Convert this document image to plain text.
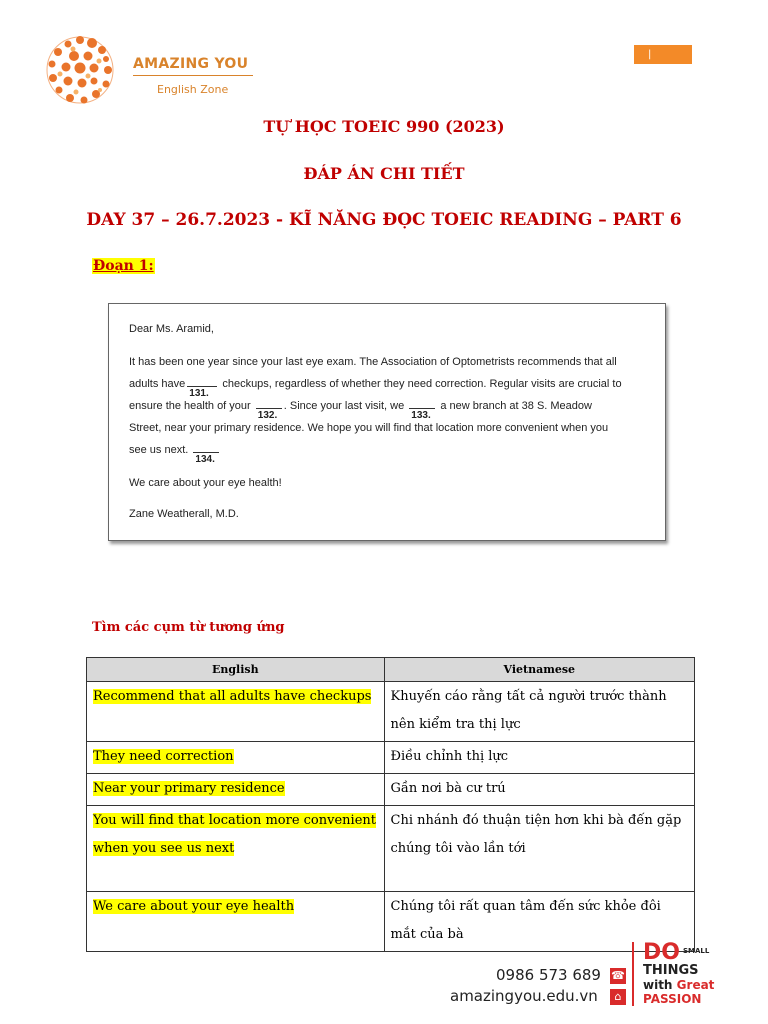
AMAZING YOU
English Zone
|
TỰ HỌC TOEIC 990 (2023)
ĐÁP ÁN CHI TIẾT
DAY 37 – 26.7.2023 - KĨ NĂNG ĐỌC TOEIC READING – PART 6
Đoạn 1:

Dear Ms. Aramid,

It has been one year since your last eye exam. The Association of Optometrists recommends that all

adults have
131.
checkups, regardless of whether they need correction. Regular visits are crucial to

ensure the health of your
132.
. Since your last visit, we
133.
a new branch at 38 S. Meadow

Street, near your primary residence. We hope you will find that location more convenient when you

see us next.
134.

We care about your eye health!

Zane Weatherall, M.D.

Tìm các cụm từ tương ứng
English	Vietnamese
Recommend that all adults have checkups	Khuyến cáo rằng tất cả người trước thành nên kiểm tra thị lực
They need correction	Điều chỉnh thị lực
Near your primary residence	Gần nơi bà cư trú
You will find that location more convenient when you see us next	Chi nhánh đó thuận tiện hơn khi bà đến gặp chúng tôi vào lần tới
We care about your eye health	Chúng tôi rất quan tâm đến sức khỏe đôi mắt của bà
0986 573 689 ☎
amazingyou.edu.vn	⌂
DO SMALL
THINGS
with Great
PASSION
